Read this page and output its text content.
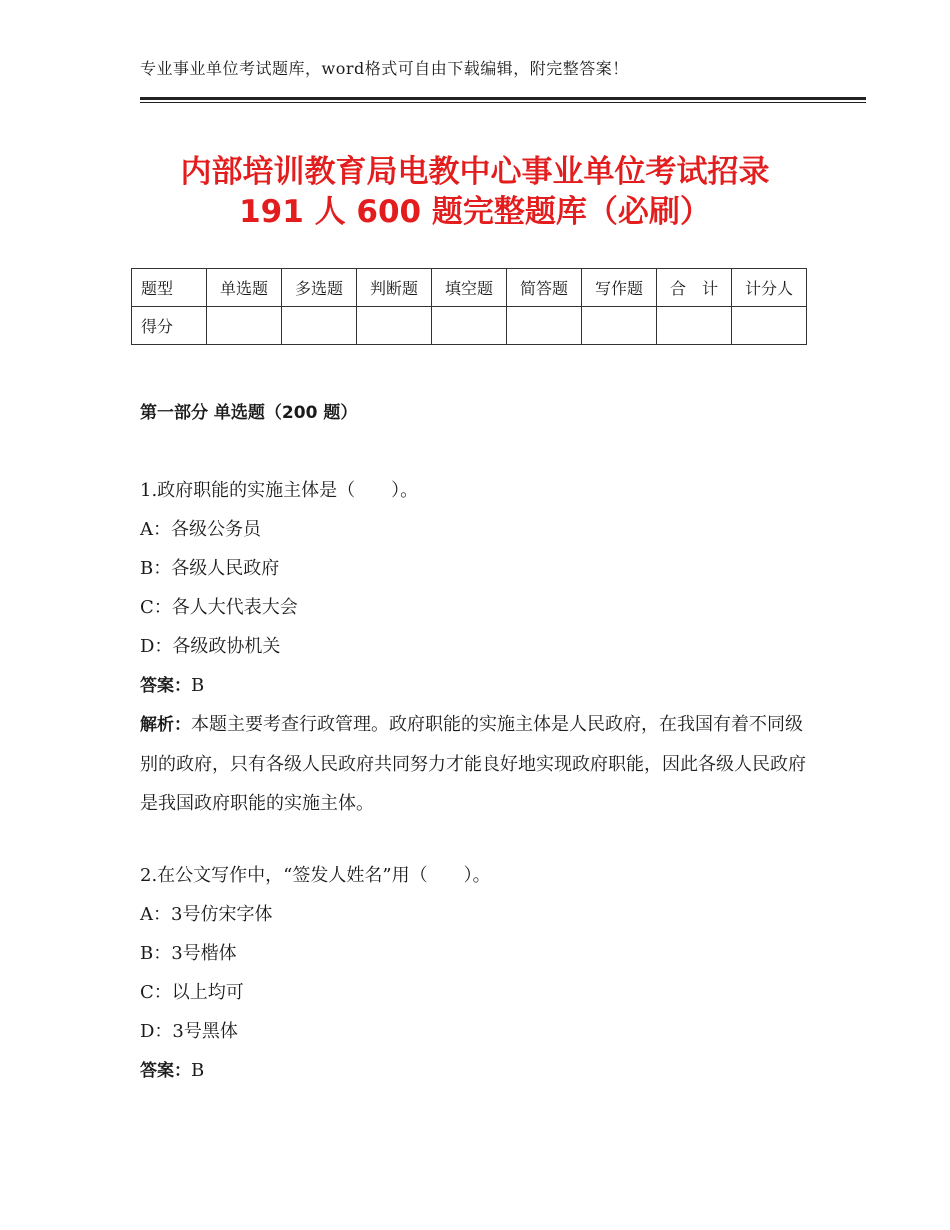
专业事业单位考试题库，word格式可自由下载编辑，附完整答案！
内部培训教育局电教中心事业单位考试招录
191 人 600 题完整题库（必刷）
题型	单选题	多选题	判断题	填空题	简答题	写作题	合　计	计分人
得分								
第一部分 单选题（200 题）
1.政府职能的实施主体是（　　）。
A：各级公务员
B：各级人民政府
C：各人大代表大会
D：各级政协机关
答案：B
解析：本题主要考查行政管理。政府职能的实施主体是人民政府，在我国有着不同级别的政府，只有各级人民政府共同努力才能良好地实现政府职能，因此各级人民政府是我国政府职能的实施主体。
2.在公文写作中，“签发人姓名”用（　　）。
A：3号仿宋字体
B：3号楷体
C：以上均可
D：3号黑体
答案：B
